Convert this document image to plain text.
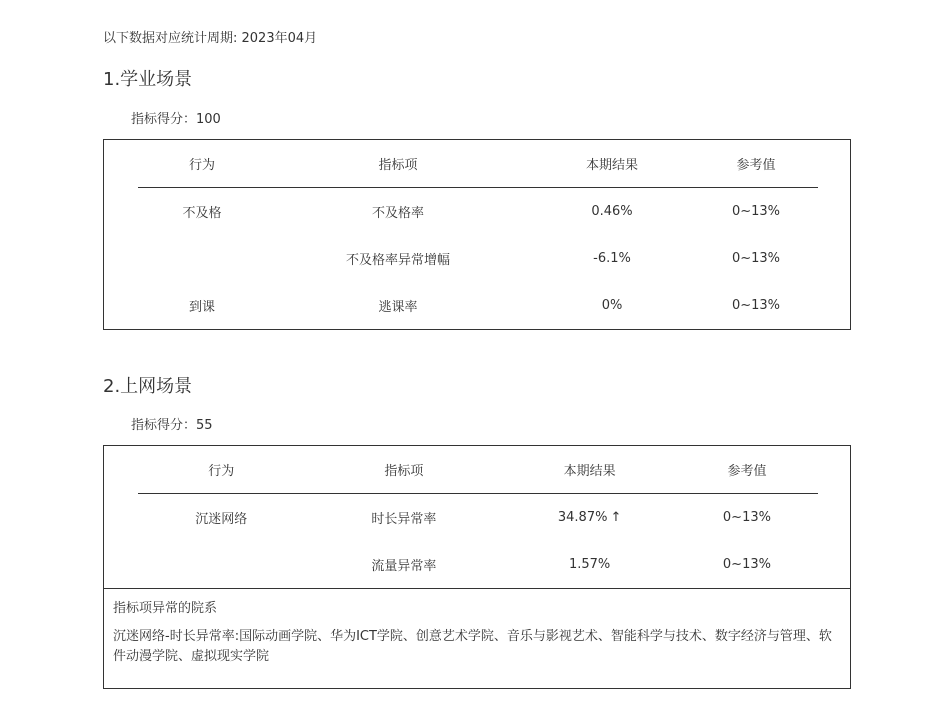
以下数据对应统计周期: 2023年04月
1.学业场景
指标得分：100
行为	指标项	本期结果	参考值
不及格	不及格率	0.46%	0~13%
	不及格率异常增幅	-6.1%	0~13%
到课	逃课率	0%	0~13%
2.上网场景
指标得分：55
行为	指标项	本期结果	参考值
沉迷网络	时长异常率	34.87% ↑	0~13%
	流量异常率	1.57%	0~13%
指标项异常的院系
沉迷网络-时长异常率:国际动画学院、华为ICT学院、创意艺术学院、音乐与影视艺术、智能科学与技术、数字经济与管理、软件动漫学院、虚拟现实学院
